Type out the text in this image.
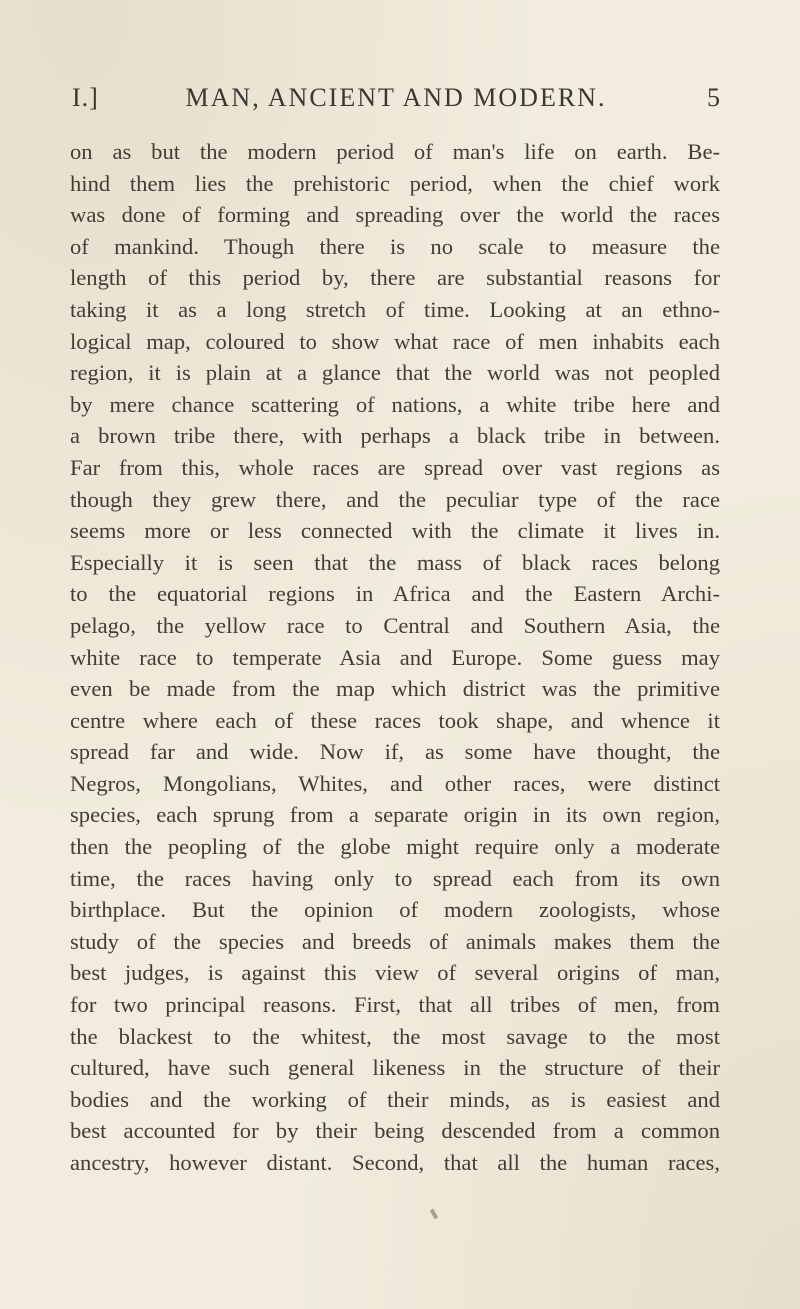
I.]	MAN, ANCIENT AND MODERN.	5
on as but the modern period of man's life on earth. Be-
hind them lies the prehistoric period, when the chief work
was done of forming and spreading over the world the races
of mankind. Though there is no scale to measure the
length of this period by, there are substantial reasons for
taking it as a long stretch of time. Looking at an ethno-
logical map, coloured to show what race of men inhabits each
region, it is plain at a glance that the world was not peopled
by mere chance scattering of nations, a white tribe here and
a brown tribe there, with perhaps a black tribe in between.
Far from this, whole races are spread over vast regions as
though they grew there, and the peculiar type of the race
seems more or less connected with the climate it lives in.
Especially it is seen that the mass of black races belong
to the equatorial regions in Africa and the Eastern Archi-
pelago, the yellow race to Central and Southern Asia, the
white race to temperate Asia and Europe. Some guess may
even be made from the map which district was the primitive
centre where each of these races took shape, and whence it
spread far and wide. Now if, as some have thought, the
Negros, Mongolians, Whites, and other races, were distinct
species, each sprung from a separate origin in its own region,
then the peopling of the globe might require only a moderate
time, the races having only to spread each from its own
birthplace. But the opinion of modern zoologists, whose
study of the species and breeds of animals makes them the
best judges, is against this view of several origins of man,
for two principal reasons. First, that all tribes of men, from
the blackest to the whitest, the most savage to the most
cultured, have such general likeness in the structure of their
bodies and the working of their minds, as is easiest and
best accounted for by their being descended from a common
ancestry, however distant. Second, that all the human races,
